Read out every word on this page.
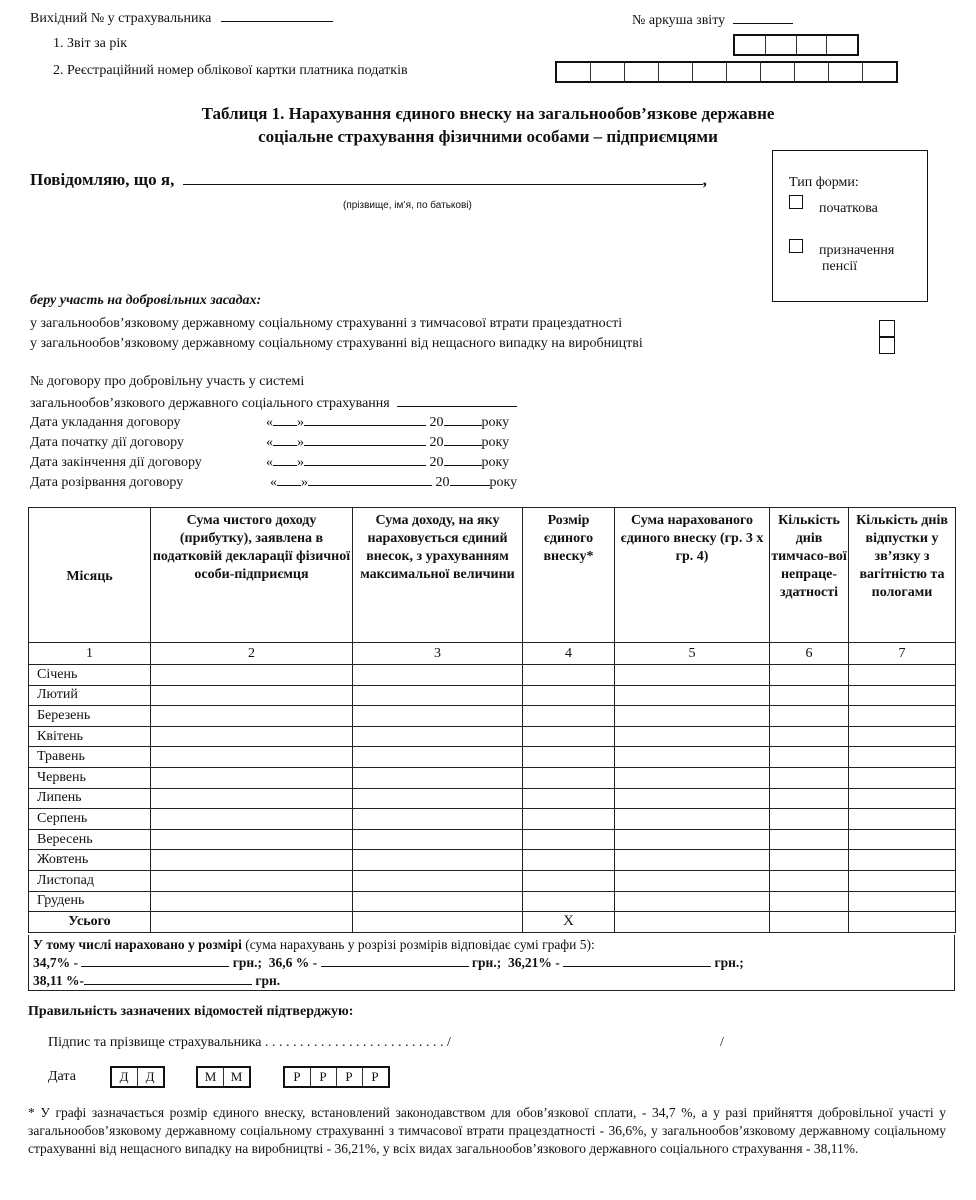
Вихідний № у страхувальника	№ аркуша звіту
1. Звіт за рік
2. Реєстраційний номер облікової картки платника податків
Таблиця 1. Нарахування єдиного внеску на загальнообов’язкове державне
соціальне страхування фізичними особами – підприємцями
Повідомляю, що я,	,
(прізвище, ім’я, по батькові)
Тип форми:
початкова
призначення
пенсії
беру участь на добровільних засадах:
у загальнообов’язковому державному соціальному страхуванні з тимчасової втрати працездатності
у загальнообов’язковому державному соціальному страхуванні від нещасного випадку на виробництві
№ договору про добровільну участь у системі
загальнообов’язкового державного соціального страхування
Дата укладання договору	« »	20	року
Дата початку дії договору	« »	20	року
Дата закінчення дії договору	« »	20	року
Дата розірвання договору	« »	20	року
Місяць	Сума чистого доходу (прибутку), заявлена в податковій декларації фізичної особи-підприємця	Сума доходу, на яку нараховується єдиний внесок, з урахуванням максимальної величини	Розмір єдиного внеску*	Сума нарахованого єдиного внеску (гр. 3 х гр. 4)	Кількість днів тимчасо-вої непраце-здатності	Кількість днів відпустки у зв’язку з вагітністю та пологами
1	2	3	4	5	6	7
Січень						
Лютий						
Березень						
Квітень						
Травень						
Червень						
Липень						
Серпень						
Вересень						
Жовтень						
Листопад						
Грудень						
Усього			Х			
У тому числі нараховано у розмірі (сума нарахувань у розрізі розмірів відповідає сумі графи 5):
34,7% -	грн.; 36,6 % -	грн.; 36,21% -	грн.;
38,11 %-	грн.
Правильність зазначених відомостей підтверджую:
Підпис та прізвище страхувальника . . . . . . . . . . . . . . . . . . . . . . . . . . /	/
Дата	Д	Д
	М	М
	Р	Р	Р	Р
* У графі зазначається розмір єдиного внеску, встановлений законодавством для обов’язкової сплати, - 34,7 %, а у разі прийняття добровільної участі у загальнообов’язковому державному соціальному страхуванні з тимчасової втрати працездатності - 36,6%, у загальнообов’язковому державному соціальному страхуванні від нещасного випадку на виробництві - 36,21%, у всіх видах загальнообов’язкового державного соціального страхування - 38,11%.
